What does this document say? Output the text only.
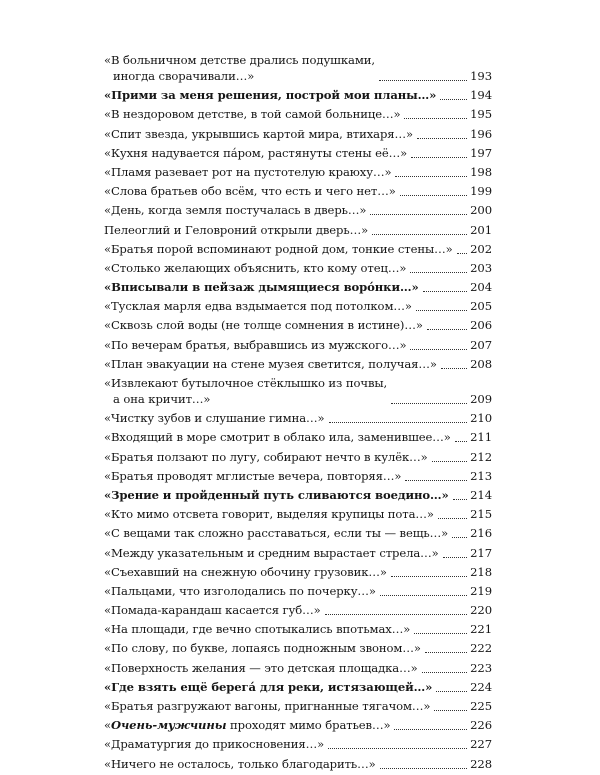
«В больничном детстве дрались подушками,
иногда сворачивали…»	193
«Прими за меня решения, построй мои планы…»	194
«В нездоровом детстве, в той самой больнице…»	195
«Спит звезда, укрывшись картой мира, втихаря…»	196
«Кухня надувается пáром, растянуты стены её…»	197
«Пламя разевает рот на пустотелую краюху…»	198
«Слова братьев обо всём, что есть и чего нет…»	199
«День, когда земля постучалась в дверь…»	200
Пелеоглий и Геловроний открыли дверь…»	201
«Братья порой вспоминают родной дом, тонкие стены…» 202
«Столько желающих объяснить, кто кому отец…»	203
«Вписывали в пейзаж дымящиеся ворóнки…»	204
«Тусклая марля едва вздымается под потолком…»	205
«Сквозь слой воды (не толще сомнения в истине)…»	206
«По вечерам братья, выбравшись из мужского…»	207
«План эвакуации на стене музея светится, получая…»	208
«Извлекают бутылочное стёклышко из почвы,
а она кричит…»	209
«Чистку зубов и слушание гимна…»	210
«Входящий в море смотрит в облако ила, заменившее…» 211
«Братья ползают по лугу, собирают нечто в кулёк…»	212
«Братья проводят мглистые вечера, повторяя…»	213
«Зрение и пройденный путь сливаются воедино…» 214
«Кто мимо отсвета говорит, выделяя крупицы пота…»	215
«С вещами так сложно расставаться, если ты — вещь…» 216
«Между указательным и средним вырастает стрела…»	217
«Съехавший на снежную обочину грузовик…»	218
«Пальцами, что изголодались по почерку…»	219
«Помада-карандаш касается губ…»	220
«На площади, где вечно спотыкались впотьмах…»	221
«По слову, по букве, лопаясь подножным звоном…»	222
«Поверхность желания — это детская площадка…»	223
«Где взять ещё берегá для реки, истязающей…»	224
«Братья разгружают вагоны, пригнанные тягачом…»	225
«Очень-мужчины проходят мимо братьев…»	226
«Драматургия до прикосновения…»	227
«Ничего не осталось, только благодарить…»	228
